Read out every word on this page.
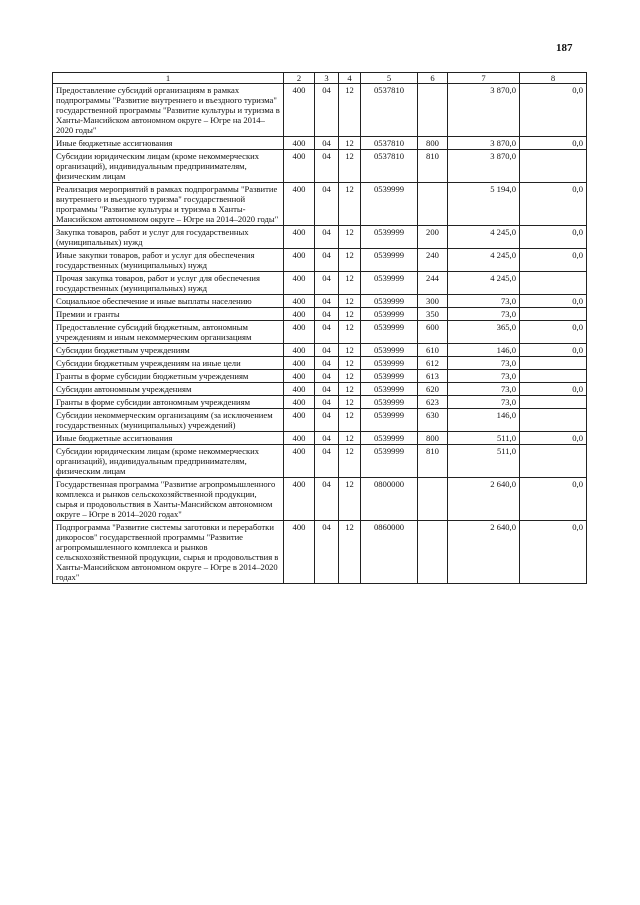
187
1	2	3	4	5	6	7	8
Предоставление субсидий организациям в рамках подпрограммы "Развитие внутреннего и въездного туризма" государственной программы "Развитие культуры и туризма в Ханты-Мансийском автономном округе – Югре на 2014–2020 годы"	400	04	12	0537810		3 870,0	0,0
Иные бюджетные ассигнования	400	04	12	0537810	800	3 870,0	0,0
Субсидии юридическим лицам (кроме некоммерческих организаций), индивидуальным предпринимателям, физическим лицам	400	04	12	0537810	810	3 870,0	
Реализация мероприятий в рамках подпрограммы "Развитие внутреннего и въездного туризма" государственной программы "Развитие культуры и туризма в Ханты-Мансийском автономном округе – Югре на 2014–2020 годы"	400	04	12	0539999		5 194,0	0,0
Закупка товаров, работ и услуг для государственных (муниципальных) нужд	400	04	12	0539999	200	4 245,0	0,0
Иные закупки товаров, работ и услуг для обеспечения государственных (муниципальных) нужд	400	04	12	0539999	240	4 245,0	0,0
Прочая закупка товаров, работ и услуг для обеспечения государственных (муниципальных) нужд	400	04	12	0539999	244	4 245,0	
Социальное обеспечение и иные выплаты населению	400	04	12	0539999	300	73,0	0,0
Премии и гранты	400	04	12	0539999	350	73,0	
Предоставление субсидий бюджетным, автономным учреждениям и иным некоммерческим организациям	400	04	12	0539999	600	365,0	0,0
Субсидии бюджетным учреждениям	400	04	12	0539999	610	146,0	0,0
Субсидии бюджетным учреждениям на иные цели	400	04	12	0539999	612	73,0	
Гранты в форме субсидии бюджетным учреждениям	400	04	12	0539999	613	73,0	
Субсидии автономным учреждениям	400	04	12	0539999	620	73,0	0,0
Гранты в форме субсидии автономным учреждениям	400	04	12	0539999	623	73,0	
Субсидии некоммерческим организациям (за исключением государственных (муниципальных) учреждений)	400	04	12	0539999	630	146,0	
Иные бюджетные ассигнования	400	04	12	0539999	800	511,0	0,0
Субсидии юридическим лицам (кроме некоммерческих организаций), индивидуальным предпринимателям, физическим лицам	400	04	12	0539999	810	511,0	
Государственная программа "Развитие агропромышленного комплекса и рынков сельскохозяйственной продукции, сырья и продовольствия в Ханты-Мансийском автономном округе – Югре в 2014–2020 годах"	400	04	12	0800000		2 640,0	0,0
Подпрограмма "Развитие системы заготовки и переработки дикоросов" государственной программы "Развитие агропромышленного комплекса и рынков сельскохозяйственной продукции, сырья и продовольствия в Ханты-Мансийском автономном округе – Югре в 2014–2020 годах"	400	04	12	0860000		2 640,0	0,0
